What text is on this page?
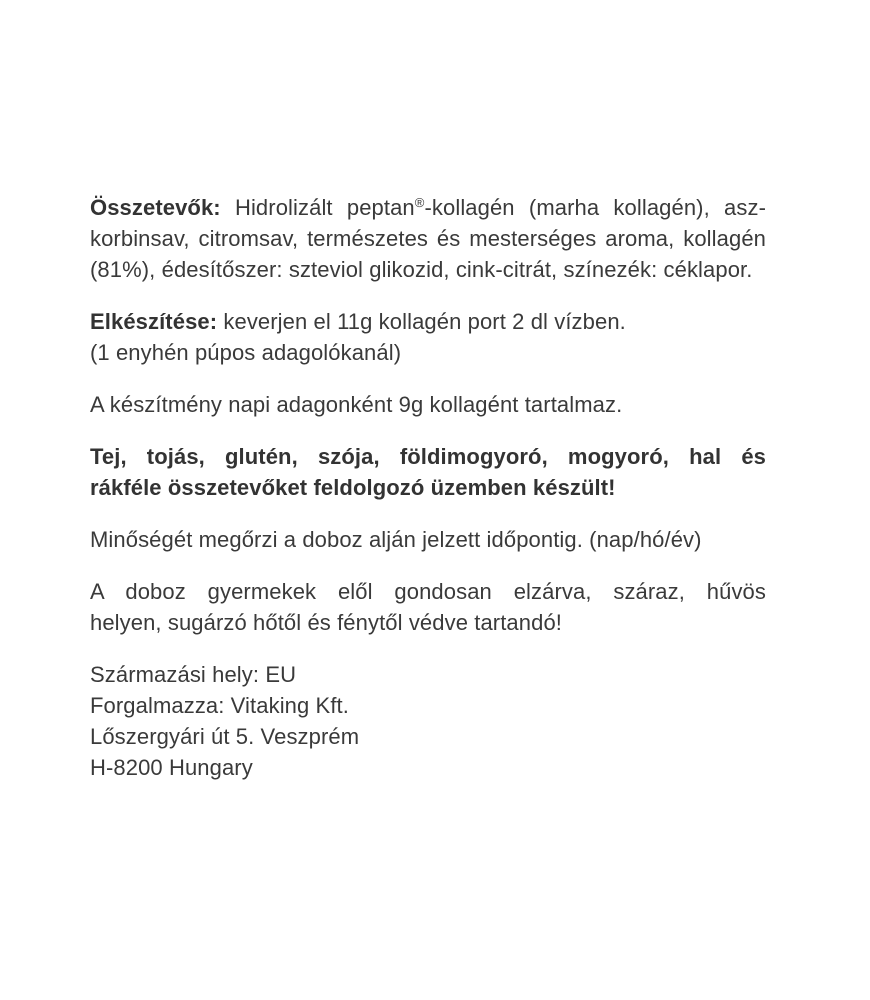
Összetevők: Hidrolizált peptan®-kollagén (marha kollagén), asz-
korbinsav, citromsav, természetes és mesterséges aroma, kollagén
(81%), édesítőszer: szteviol glikozid, cink-citrát, színezék: céklapor.

Elkészítése: keverjen el 11g kollagén port 2 dl vízben.
(1 enyhén púpos adagolókanál)

A készítmény napi adagonként 9g kollagént tartalmaz.

Tej, tojás, glutén, szója, földimogyoró, mogyoró, hal és
rákféle összetevőket feldolgozó üzemben készült!

Minőségét megőrzi a doboz alján jelzett időpontig. (nap/hó/év)

A doboz gyermekek elől gondosan elzárva, száraz, hűvös
helyen, sugárzó hőtől és fénytől védve tartandó!

Származási hely: EU
Forgalmazza: Vitaking Kft.
Lőszergyári út 5. Veszprém
H-8200 Hungary
